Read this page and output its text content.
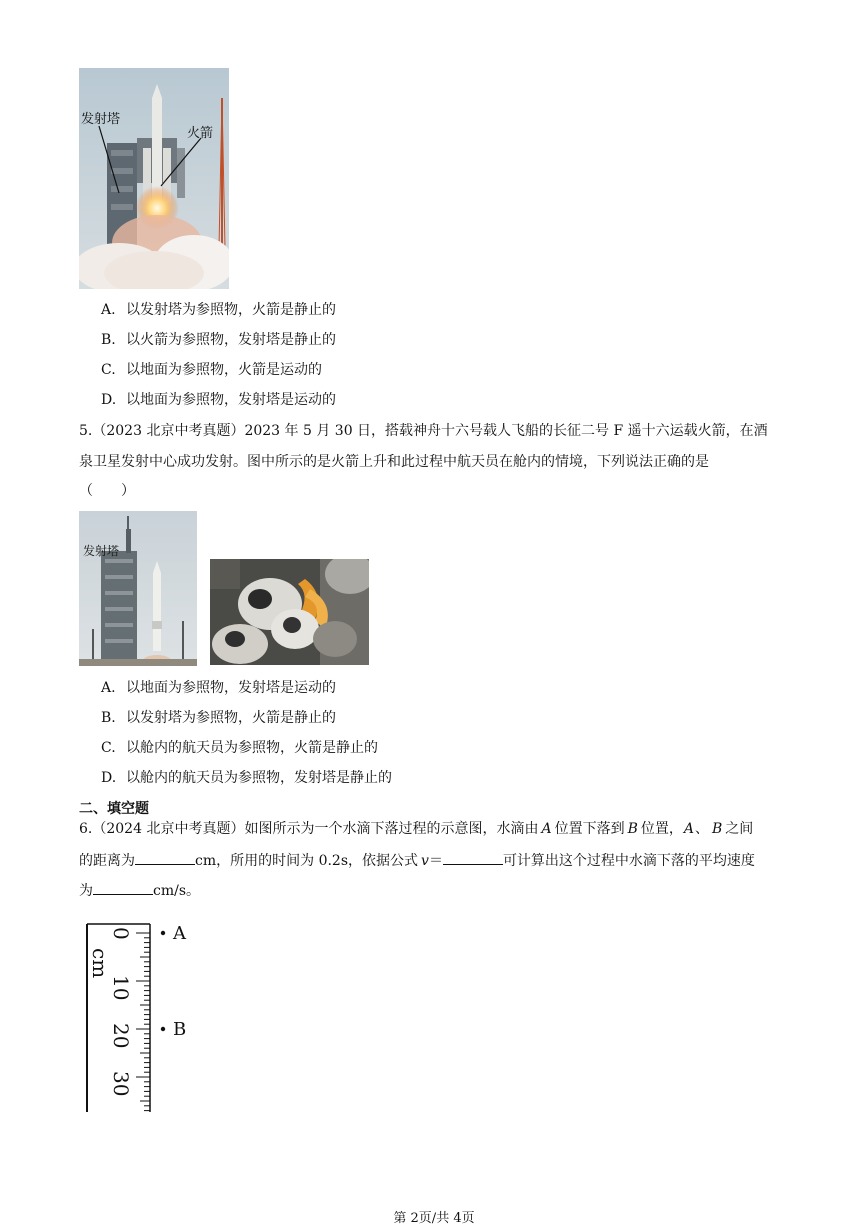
发射塔
火箭
A. 以发射塔为参照物，火箭是静止的
B. 以火箭为参照物，发射塔是静止的
C. 以地面为参照物，火箭是运动的
D. 以地面为参照物，发射塔是运动的
5.（2023 北京中考真题）2023 年 5 月 30 日，搭载神舟十六号载人飞船的长征二号 F 遥十六运载火箭，在酒
泉卫星发射中心成功发射。图中所示的是火箭上升和此过程中航天员在舱内的情境，下列说法正确的是
（　　）
发射塔
A. 以地面为参照物，发射塔是运动的
B. 以发射塔为参照物，火箭是静止的
C. 以舱内的航天员为参照物，火箭是静止的
D. 以舱内的航天员为参照物，发射塔是静止的
二、填空题
6.（2024 北京中考真题）如图所示为一个水滴下落过程的示意图，水滴由 A 位置下落到 B 位置，A、 B 之间
的距离为	cm，所用的时间为 0.2s，依据公式 v＝	可计算出这个过程中水滴下落的平均速度
为	cm/s。
0
10
20
30
cm
A
B
第 2页/共 4页
